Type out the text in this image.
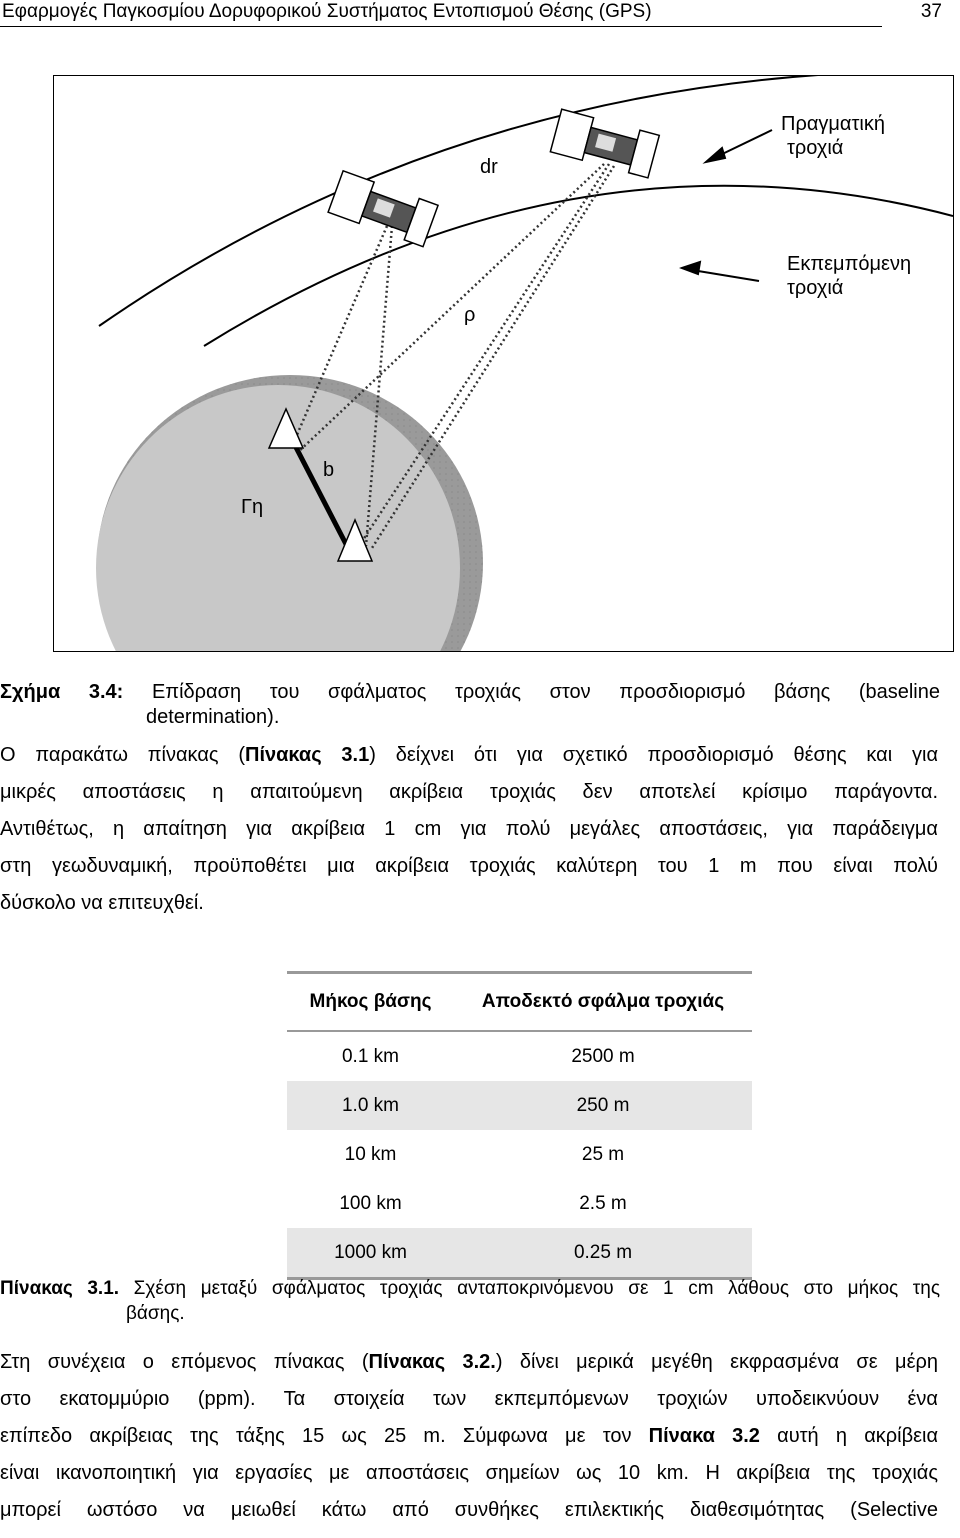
Εφαρμογές Παγκοσμίου Δορυφορικού Συστήματος Εντοπισμού Θέσης (GPS)	37
dr
Πραγματική
τροχιά
Εκπεμπόμενη
τροχιά
ρ
b
Γη
Σχήμα 3.4: Επίδραση του σφάλματος τροχιάς στον προσδιορισμό βάσης (baseline
determination).
Ο παρακάτω πίνακας (Πίνακας 3.1) δείχνει ότι για σχετικό προσδιορισμό θέσης και για
μικρές αποστάσεις η απαιτούμενη ακρίβεια τροχιάς δεν αποτελεί κρίσιμο παράγοντα.
Αντιθέτως, η απαίτηση για ακρίβεια 1 cm για πολύ μεγάλες αποστάσεις, για παράδειγμα
στη γεωδυναμική, προϋποθέτει μια ακρίβεια τροχιάς καλύτερη του 1 m που είναι πολύ
δύσκολο να επιτευχθεί.
Μήκος βάσης	Αποδεκτό σφάλμα τροχιάς
0.1 km	2500 m
1.0 km	250 m
10 km	25 m
100 km	2.5 m
1000 km	0.25 m
Πίνακας 3.1. Σχέση μεταξύ σφάλματος τροχιάς ανταποκρινόμενου σε 1 cm λάθους στο μήκος της
βάσης.
Στη συνέχεια ο επόμενος πίνακας (Πίνακας 3.2.) δίνει μερικά μεγέθη εκφρασμένα σε μέρη
στο εκατομμύριο (ppm). Τα στοιχεία των εκπεμπόμενων τροχιών υποδεικνύουν ένα
επίπεδο ακρίβειας της τάξης 15 ως 25 m. Σύμφωνα με τον Πίνακα 3.2 αυτή η ακρίβεια
είναι ικανοποιητική για εργασίες με αποστάσεις σημείων ως 10 km. Η ακρίβεια της τροχιάς
μπορεί ωστόσο να μειωθεί κάτω από συνθήκες επιλεκτικής διαθεσιμότητας (Selective
